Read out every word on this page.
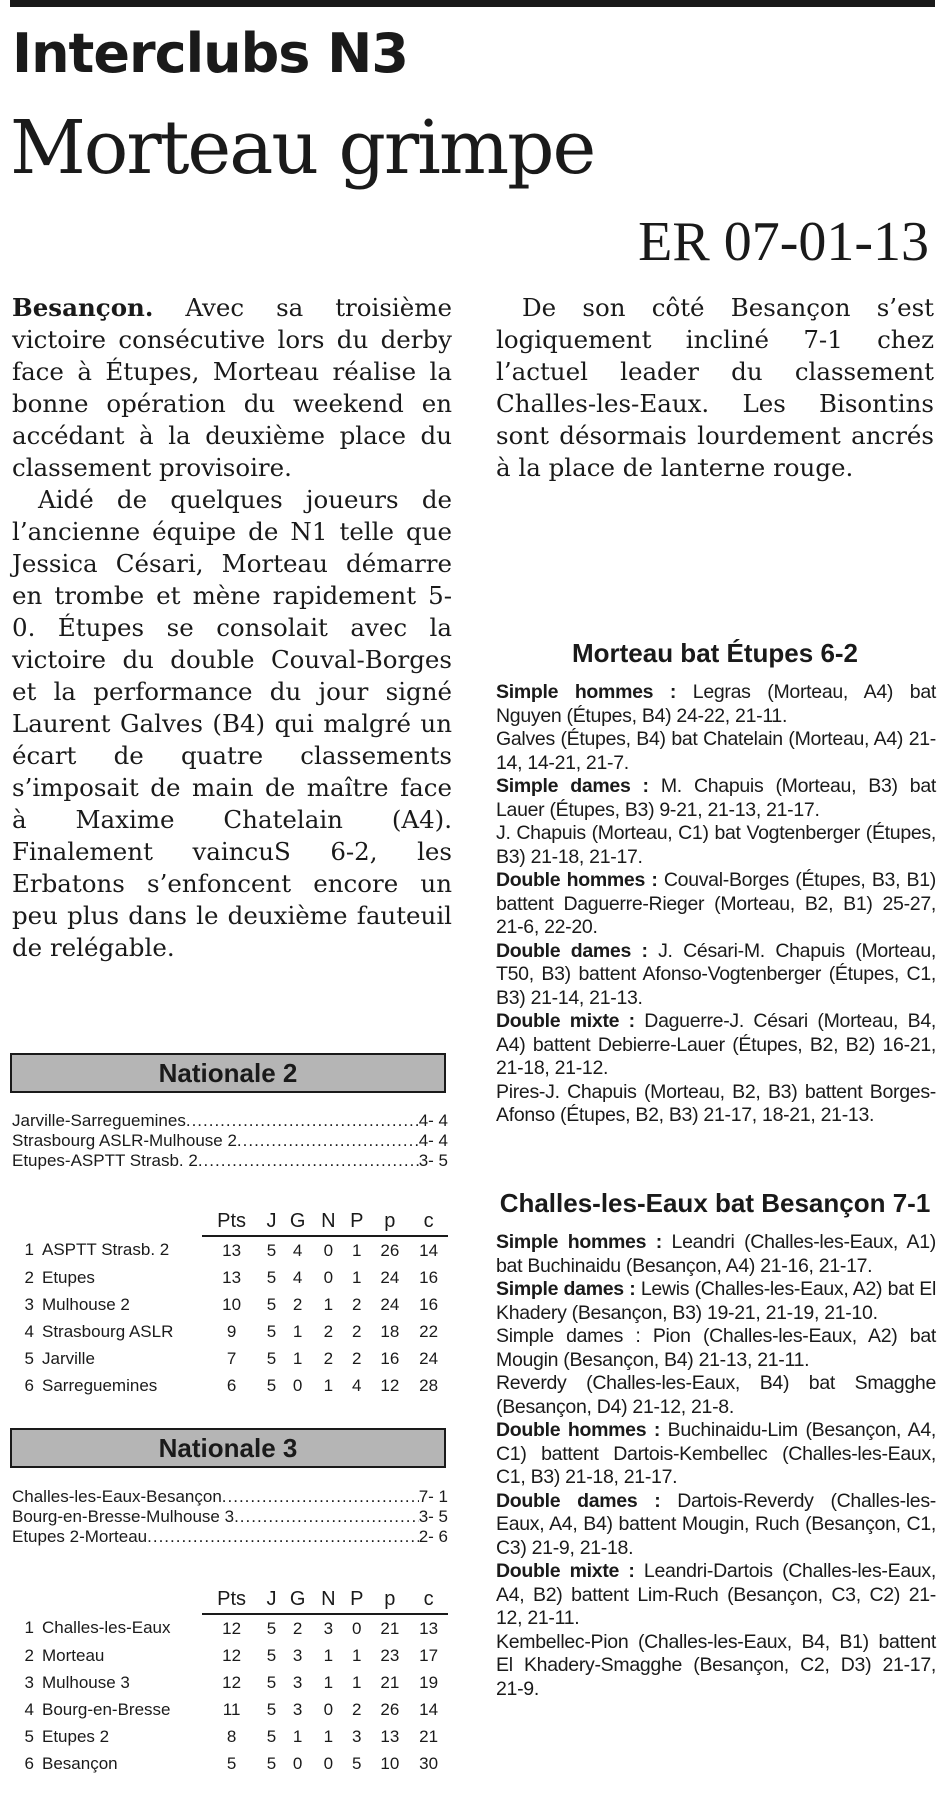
Interclubs N3
Morteau grimpe
ER 07-01-13

Besançon. Avec sa troisième victoire consécutive lors du derby face à Étupes, Morteau réalise la bonne opération du weekend en accédant à la deuxième place du classement provisoire.

Aidé de quelques joueurs de l’ancienne équipe de N1 telle que Jessica Césari, Morteau démarre en trombe et mène rapidement 5-0. Étupes se consolait avec la victoire du double Couval-Borges et la performance du jour signé Laurent Galves (B4) qui malgré un écart de quatre classements s’imposait de main de maître face à Maxime Chatelain (A4). Finalement vaincuS 6-2, les Erbatons s’enfoncent encore un peu plus dans le deuxième fauteuil de relégable.

De son côté Besançon s’est logiquement incliné 7-1 chez l’actuel leader du classement Challes-les-Eaux. Les Bisontins sont désormais lourdement ancrés à la place de lanterne rouge.

Nationale 2
Jarville-Sarreguemines .....	4- 4
Strasbourg ASLR-Mulhouse 2 .....	4- 4
Etupes-ASPTT Strasb. 2 .....	3- 5
	Pts	J	G	N	P	p	c
1 ASPTT Strasb. 2	13	5	4	0	1	26	14
2 Etupes	13	5	4	0	1	24	16
3 Mulhouse 2	10	5	2	1	2	24	16
4 Strasbourg ASLR	9	5	1	2	2	18	22
5 Jarville	7	5	1	2	2	16	24
6 Sarreguemines	6	5	0	1	4	12	28
Nationale 3
Challes-les-Eaux-Besançon .....	7- 1
Bourg-en-Bresse-Mulhouse 3 .....	3- 5
Etupes 2-Morteau .....	2- 6
	Pts	J	G	N	P	p	c
1 Challes-les-Eaux	12	5	2	3	0	21	13
2 Morteau	12	5	3	1	1	23	17
3 Mulhouse 3	12	5	3	1	1	21	19
4 Bourg-en-Bresse	11	5	3	0	2	26	14
5 Etupes 2	8	5	1	1	3	13	21
6 Besançon	5	5	0	0	5	10	30
Morteau bat Étupes 6-2

Simple hommes : Legras (Morteau, A4) bat Nguyen (Étupes, B4) 24-22, 21-11.

Galves (Étupes, B4) bat Chatelain (Morteau, A4) 21-14, 14-21, 21-7.

Simple dames : M. Chapuis (Morteau, B3) bat Lauer (Étupes, B3) 9-21, 21-13, 21-17.

J. Chapuis (Morteau, C1) bat Vogtenberger (Étupes, B3) 21-18, 21-17.

Double hommes : Couval-Borges (Étupes, B3, B1) battent Daguerre-Rieger (Morteau, B2, B1) 25-27, 21-6, 22-20.

Double dames : J. Césari-M. Chapuis (Morteau, T50, B3) battent Afonso-Vogtenberger (Étupes, C1, B3) 21-14, 21-13.

Double mixte : Daguerre-J. Césari (Morteau, B4, A4) battent Debierre-Lauer (Étupes, B2, B2) 16-21, 21-18, 21-12.

Pires-J. Chapuis (Morteau, B2, B3) battent Borges-Afonso (Étupes, B2, B3) 21-17, 18-21, 21-13.

Challes-les-Eaux bat Besançon 7-1

Simple hommes : Leandri (Challes-les-Eaux, A1) bat Buchinaidu (Besançon, A4) 21-16, 21-17.

Simple dames : Lewis (Challes-les-Eaux, A2) bat El Khadery (Besançon, B3) 19-21, 21-19, 21-10.

Simple dames : Pion (Challes-les-Eaux, A2) bat Mougin (Besançon, B4) 21-13, 21-11.

Reverdy (Challes-les-Eaux, B4) bat Smagghe (Besançon, D4) 21-12, 21-8.

Double hommes : Buchinaidu-Lim (Besançon, A4, C1) battent Dartois-Kembellec (Challes-les-Eaux, C1, B3) 21-18, 21-17.

Double dames : Dartois-Reverdy (Challes-les-Eaux, A4, B4) battent Mougin, Ruch (Besançon, C1, C3) 21-9, 21-18.

Double mixte : Leandri-Dartois (Challes-les-Eaux, A4, B2) battent Lim-Ruch (Besançon, C3, C2) 21-12, 21-11.

Kembellec-Pion (Challes-les-Eaux, B4, B1) battent El Khadery-Smagghe (Besançon, C2, D3) 21-17, 21-9.
